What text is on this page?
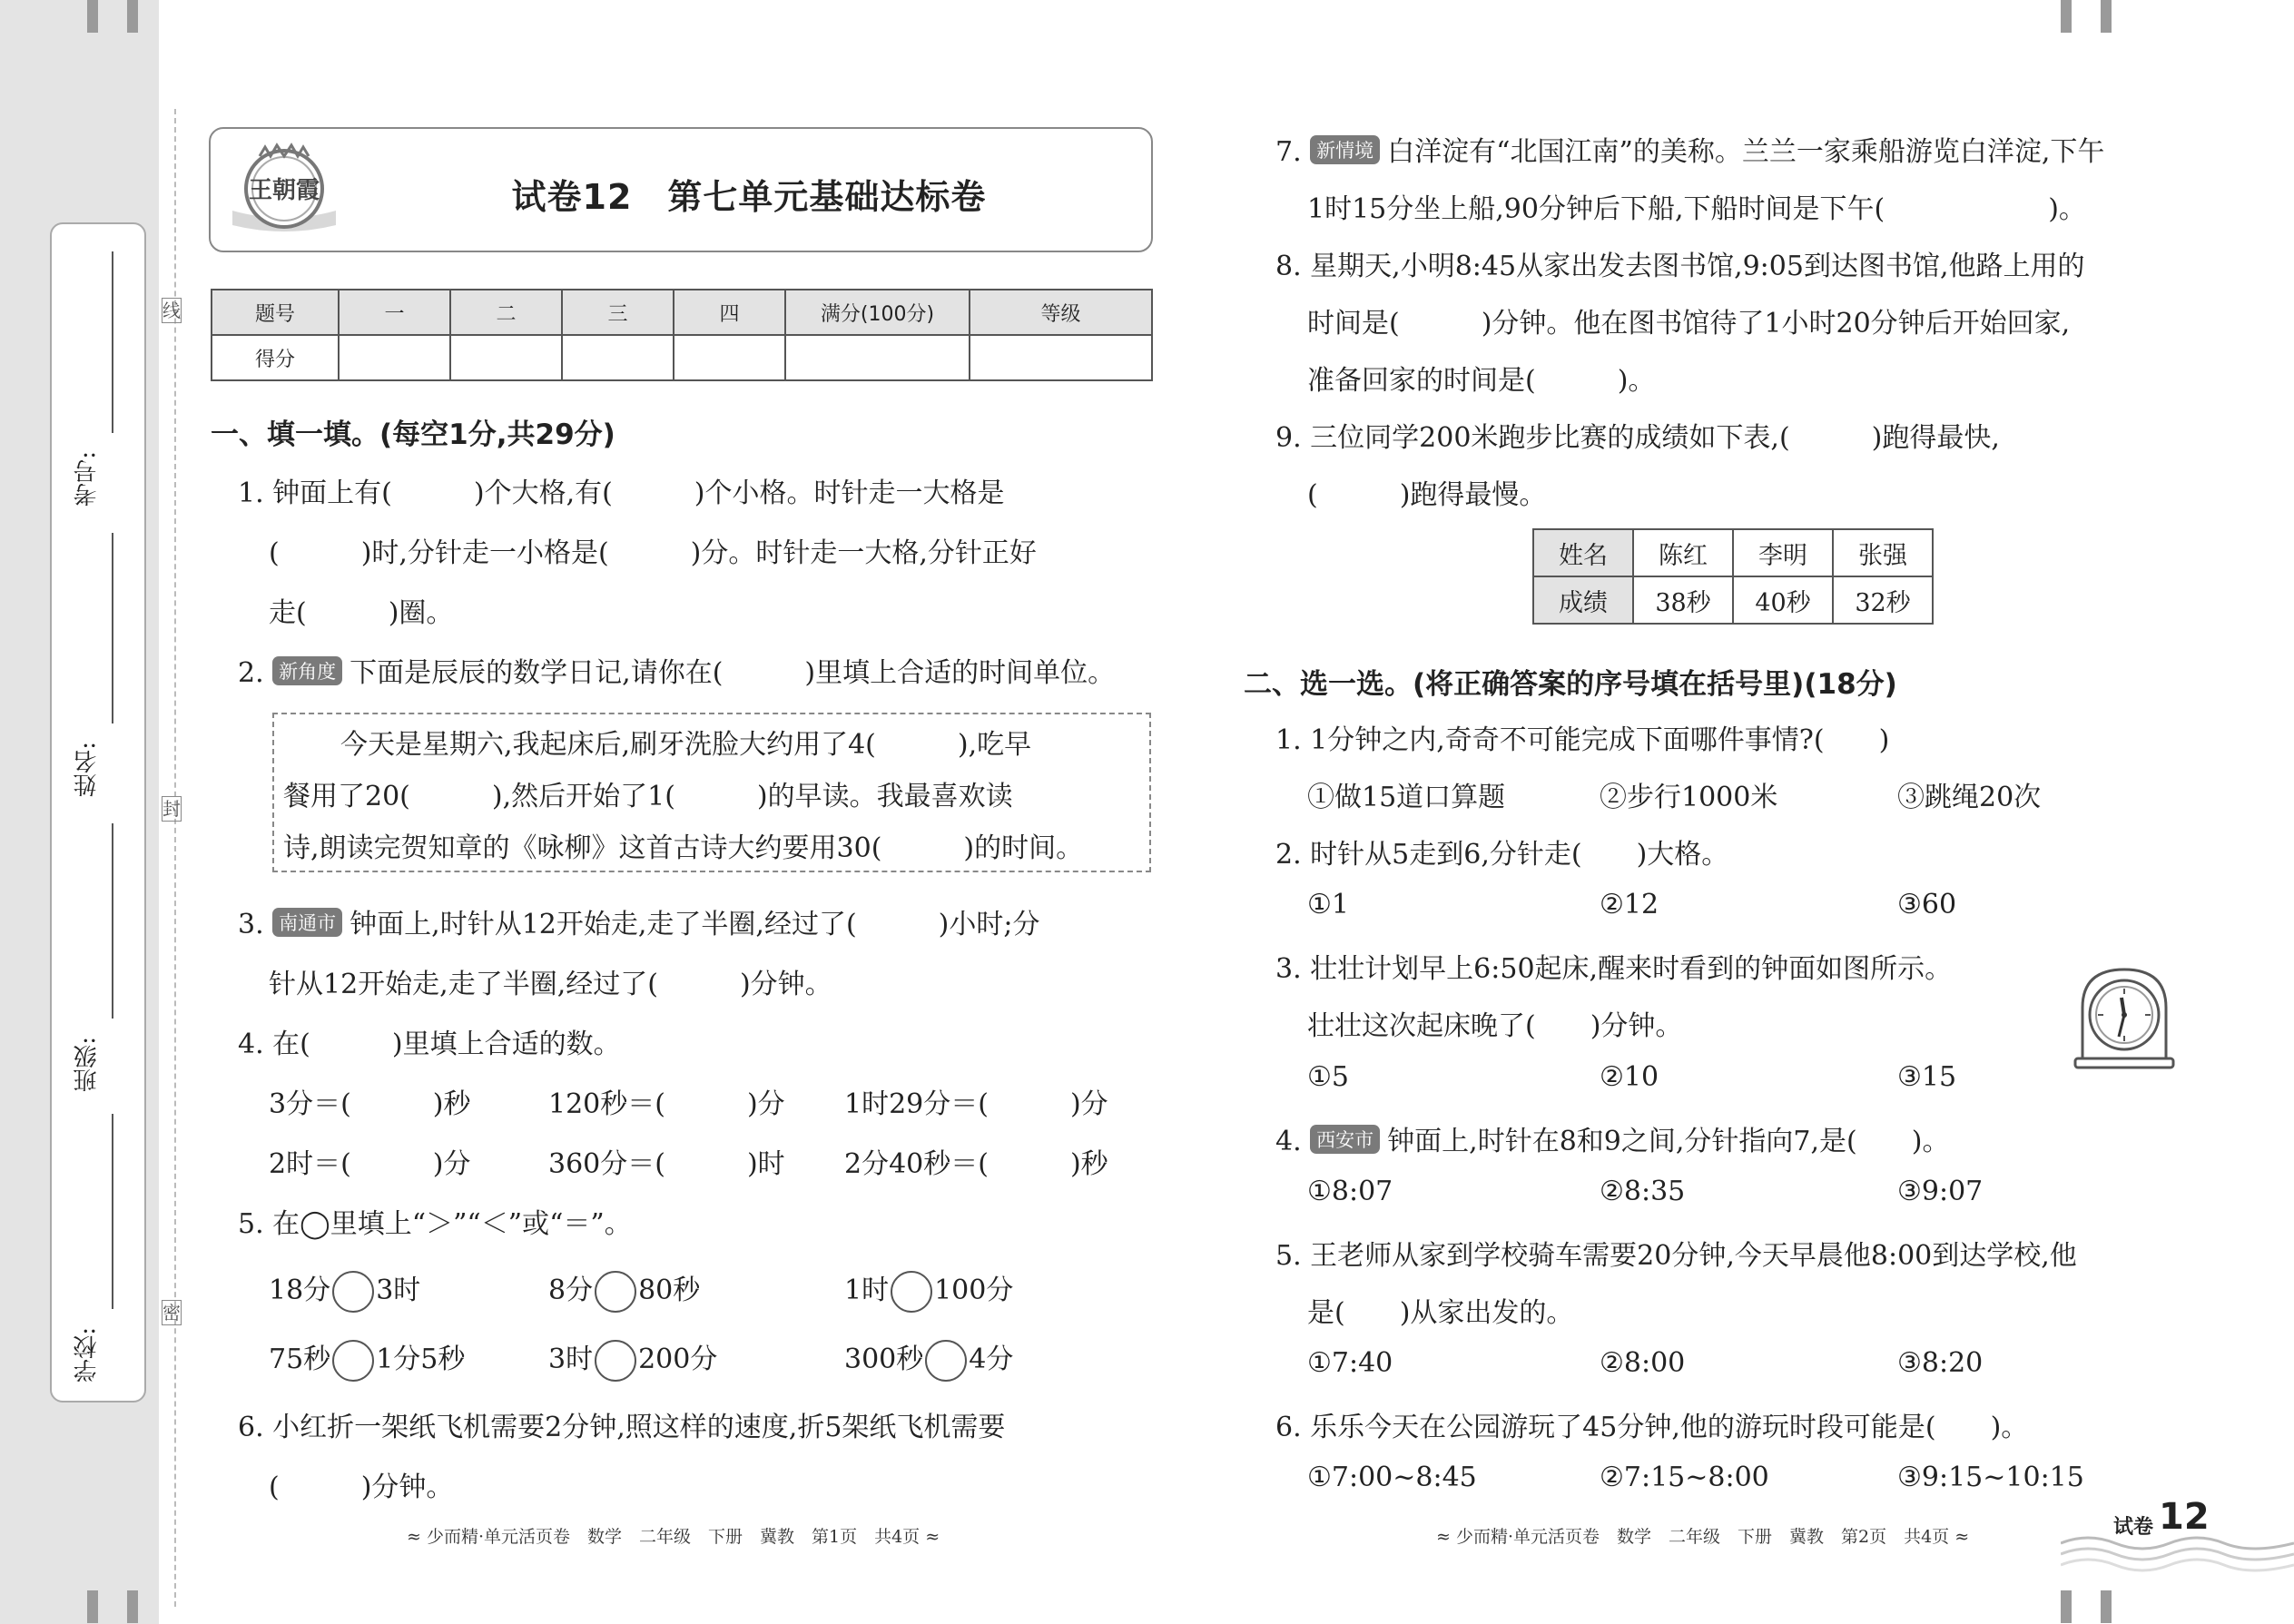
考号:
姓名:
班级:
学校:
线
封
密
王朝霞	试卷12　第七单元基础达标卷
题号	一	二	三	四	满分(100分)	等级
得分						
一、填一填。(每空1分,共29分)
1. 钟面上有(　　　)个大格,有(　　　)个小格。时针走一大格是
(　　　)时,分针走一小格是(　　　)分。时针走一大格,分针正好
走(　　　)圈。
2. 新角度 下面是辰辰的数学日记,请你在(　　　)里填上合适的时间单位。
今天是星期六,我起床后,刷牙洗脸大约用了4(　　　),吃早
餐用了20(　　　),然后开始了1(　　　)的早读。我最喜欢读
诗,朗读完贺知章的《咏柳》这首古诗大约要用30(　　　)的时间。
3. 南通市 钟面上,时针从12开始走,走了半圈,经过了(　　　)小时;分
针从12开始走,走了半圈,经过了(　　　)分钟。
4. 在(　　　)里填上合适的数。
3分＝(　　　)秒	120秒＝(　　　)分 1时29分＝(　　　)分
2时＝(　　　)分	360分＝(　　　)时 2分40秒＝(　　　)秒
5. 在◯里填上“＞”“＜”或“＝”。
18分 3时	8分 80秒	1时 100分
75秒 1分5秒	3时 200分	300秒 4分
6. 小红折一架纸飞机需要2分钟,照这样的速度,折5架纸飞机需要
(　　　)分钟。
≈ 少而精·单元活页卷　数学　二年级　下册　冀教　第1页　共4页 ≈
7. 新情境 白洋淀有“北国江南”的美称。兰兰一家乘船游览白洋淀,下午
1时15分坐上船,90分钟后下船,下船时间是下午(　　　　　　)。
8. 星期天,小明8:45从家出发去图书馆,9:05到达图书馆,他路上用的
时间是(　　　)分钟。他在图书馆待了1小时20分钟后开始回家,
准备回家的时间是(　　　)。
9. 三位同学200米跑步比赛的成绩如下表,(　　　)跑得最快,
(　　　)跑得最慢。
姓名	陈红	李明	张强
成绩	38秒	40秒	32秒
二、选一选。(将正确答案的序号填在括号里)(18分)
1. 1分钟之内,奇奇不可能完成下面哪件事情?(　　)
①做15道口算题	②步行1000米	③跳绳20次
2. 时针从5走到6,分针走(　　)大格。
①1	②12	③60
3. 壮壮计划早上6:50起床,醒来时看到的钟面如图所示。
壮壮这次起床晚了(　　)分钟。
①5	②10	③15
4. 西安市 钟面上,时针在8和9之间,分针指向7,是(　　)。
①8:07	②8:35	③9:07
5. 王老师从家到学校骑车需要20分钟,今天早晨他8:00到达学校,他
是(　　)从家出发的。
①7:40	②8:00	③8:20
6. 乐乐今天在公园游玩了45分钟,他的游玩时段可能是(　　)。
①7:00~8:45	②7:15~8:00	③9:15~10:15
≈ 少而精·单元活页卷　数学　二年级　下册　冀教　第2页　共4页 ≈	试卷 12
